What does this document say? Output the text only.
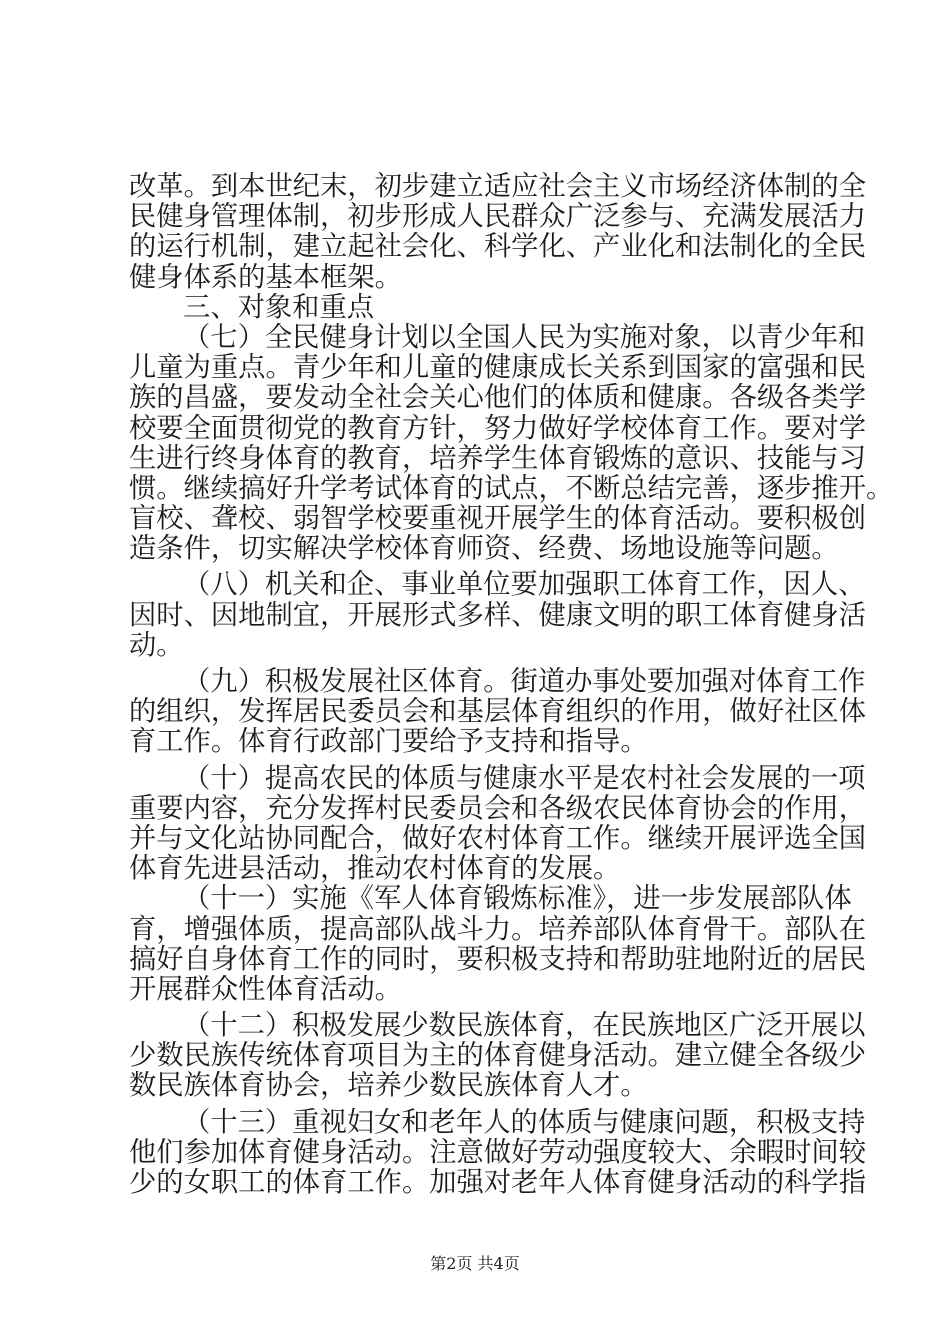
改革。到本世纪末，初步建立适应社会主义市场经济体制的全
民健身管理体制，初步形成人民群众广泛参与、充满发展活力
的运行机制，建立起社会化、科学化、产业化和法制化的全民
健身体系的基本框架。
三、对象和重点
（七）全民健身计划以全国人民为实施对象，以青少年和
儿童为重点。青少年和儿童的健康成长关系到国家的富强和民
族的昌盛，要发动全社会关心他们的体质和健康。各级各类学
校要全面贯彻党的教育方针，努力做好学校体育工作。要对学
生进行终身体育的教育，培养学生体育锻炼的意识、技能与习
惯。继续搞好升学考试体育的试点，不断总结完善，逐步推开。
盲校、聋校、弱智学校要重视开展学生的体育活动。要积极创
造条件，切实解决学校体育师资、经费、场地设施等问题。
（八）机关和企、事业单位要加强职工体育工作，因人、
因时、因地制宜，开展形式多样、健康文明的职工体育健身活
动。
（九）积极发展社区体育。街道办事处要加强对体育工作
的组织，发挥居民委员会和基层体育组织的作用，做好社区体
育工作。体育行政部门要给予支持和指导。
（十）提高农民的体质与健康水平是农村社会发展的一项
重要内容，充分发挥村民委员会和各级农民体育协会的作用，
并与文化站协同配合，做好农村体育工作。继续开展评选全国
体育先进县活动，推动农村体育的发展。
（十一）实施《军人体育锻炼标准》，进一步发展部队体
育，增强体质，提高部队战斗力。培养部队体育骨干。部队在
搞好自身体育工作的同时，要积极支持和帮助驻地附近的居民
开展群众性体育活动。
（十二）积极发展少数民族体育，在民族地区广泛开展以
少数民族传统体育项目为主的体育健身活动。建立健全各级少
数民族体育协会，培养少数民族体育人才。
（十三）重视妇女和老年人的体质与健康问题，积极支持
他们参加体育健身活动。注意做好劳动强度较大、余暇时间较
少的女职工的体育工作。加强对老年人体育健身活动的科学指
第2页 共4页
